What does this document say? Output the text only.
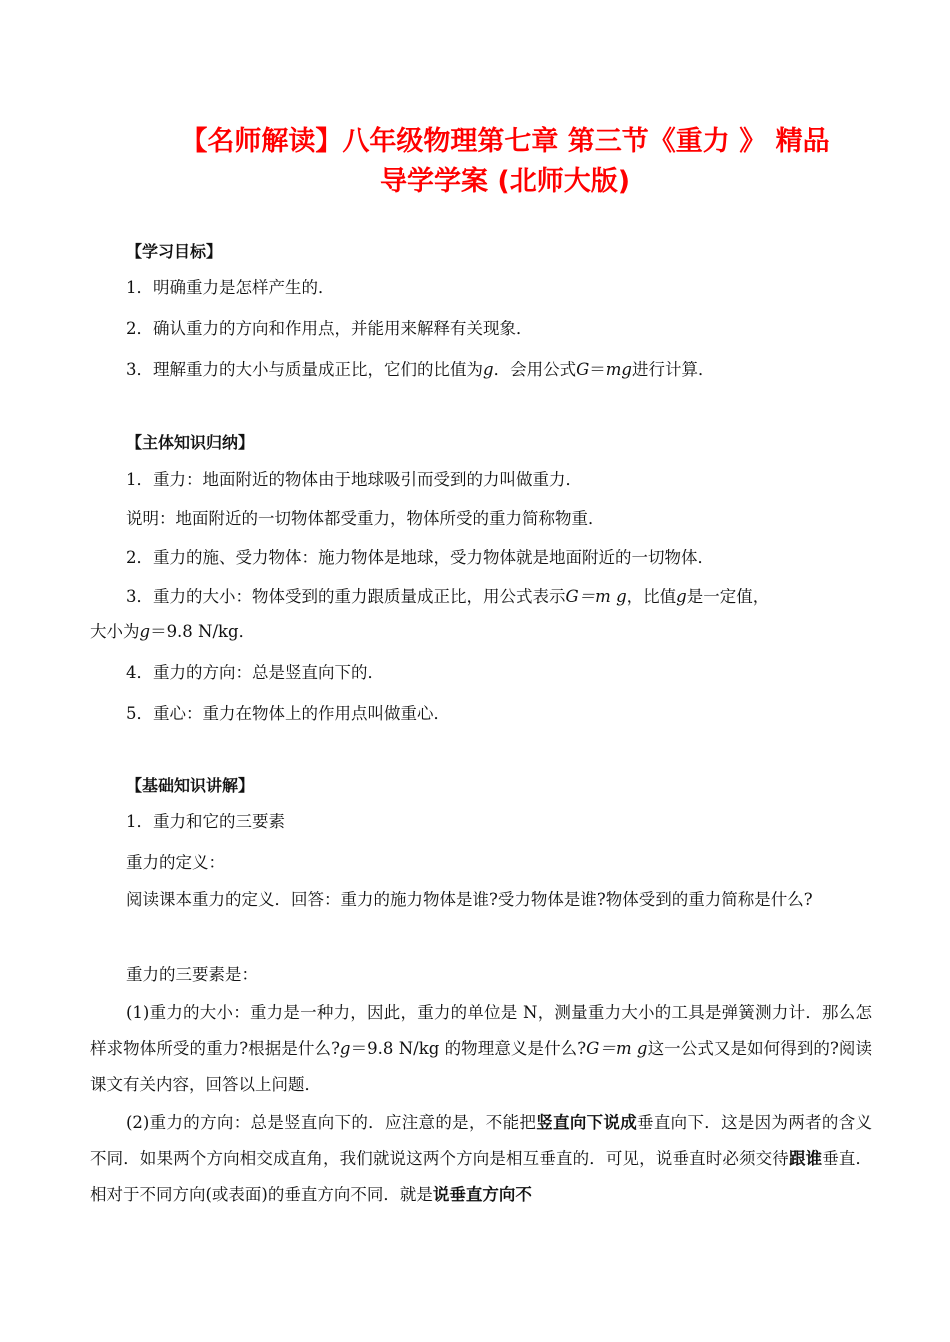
【名师解读】八年级物理第七章 第三节《重力 》 精品
导学学案 (北师大版)
【学习目标】
1．明确重力是怎样产生的．
2．确认重力的方向和作用点，并能用来解释有关现象．
3．理解重力的大小与质量成正比，它们的比值为g．会用公式G＝mg进行计算．
【主体知识归纳】
1．重力：地面附近的物体由于地球吸引而受到的力叫做重力．
说明：地面附近的一切物体都受重力，物体所受的重力简称物重．
2．重力的施、受力物体：施力物体是地球，受力物体就是地面附近的一切物体．
3．重力的大小：物体受到的重力跟质量成正比，用公式表示G＝m g，比值g是一定值，
大小为g＝9.8 N/kg．
4．重力的方向：总是竖直向下的．
5．重心：重力在物体上的作用点叫做重心．
【基础知识讲解】
1．重力和它的三要素
重力的定义：
阅读课本重力的定义．回答：重力的施力物体是谁?受力物体是谁?物体受到的重力简称是什么?
重力的三要素是：
(1)重力的大小：重力是一种力，因此，重力的单位是 N，测量重力大小的工具是弹簧测力计．那么怎样求物体所受的重力?根据是什么?g＝9.8 N/kg 的物理意义是什么?G＝m g这一公式又是如何得到的?阅读课文有关内容，回答以上问题．
(2)重力的方向：总是竖直向下的．应注意的是，不能把竖直向下说成垂直向下．这是因为两者的含义不同．如果两个方向相交成直角，我们就说这两个方向是相互垂直的．可见，说垂直时必须交待跟谁垂直．相对于不同方向(或表面)的垂直方向不同．就是说垂直方向不
